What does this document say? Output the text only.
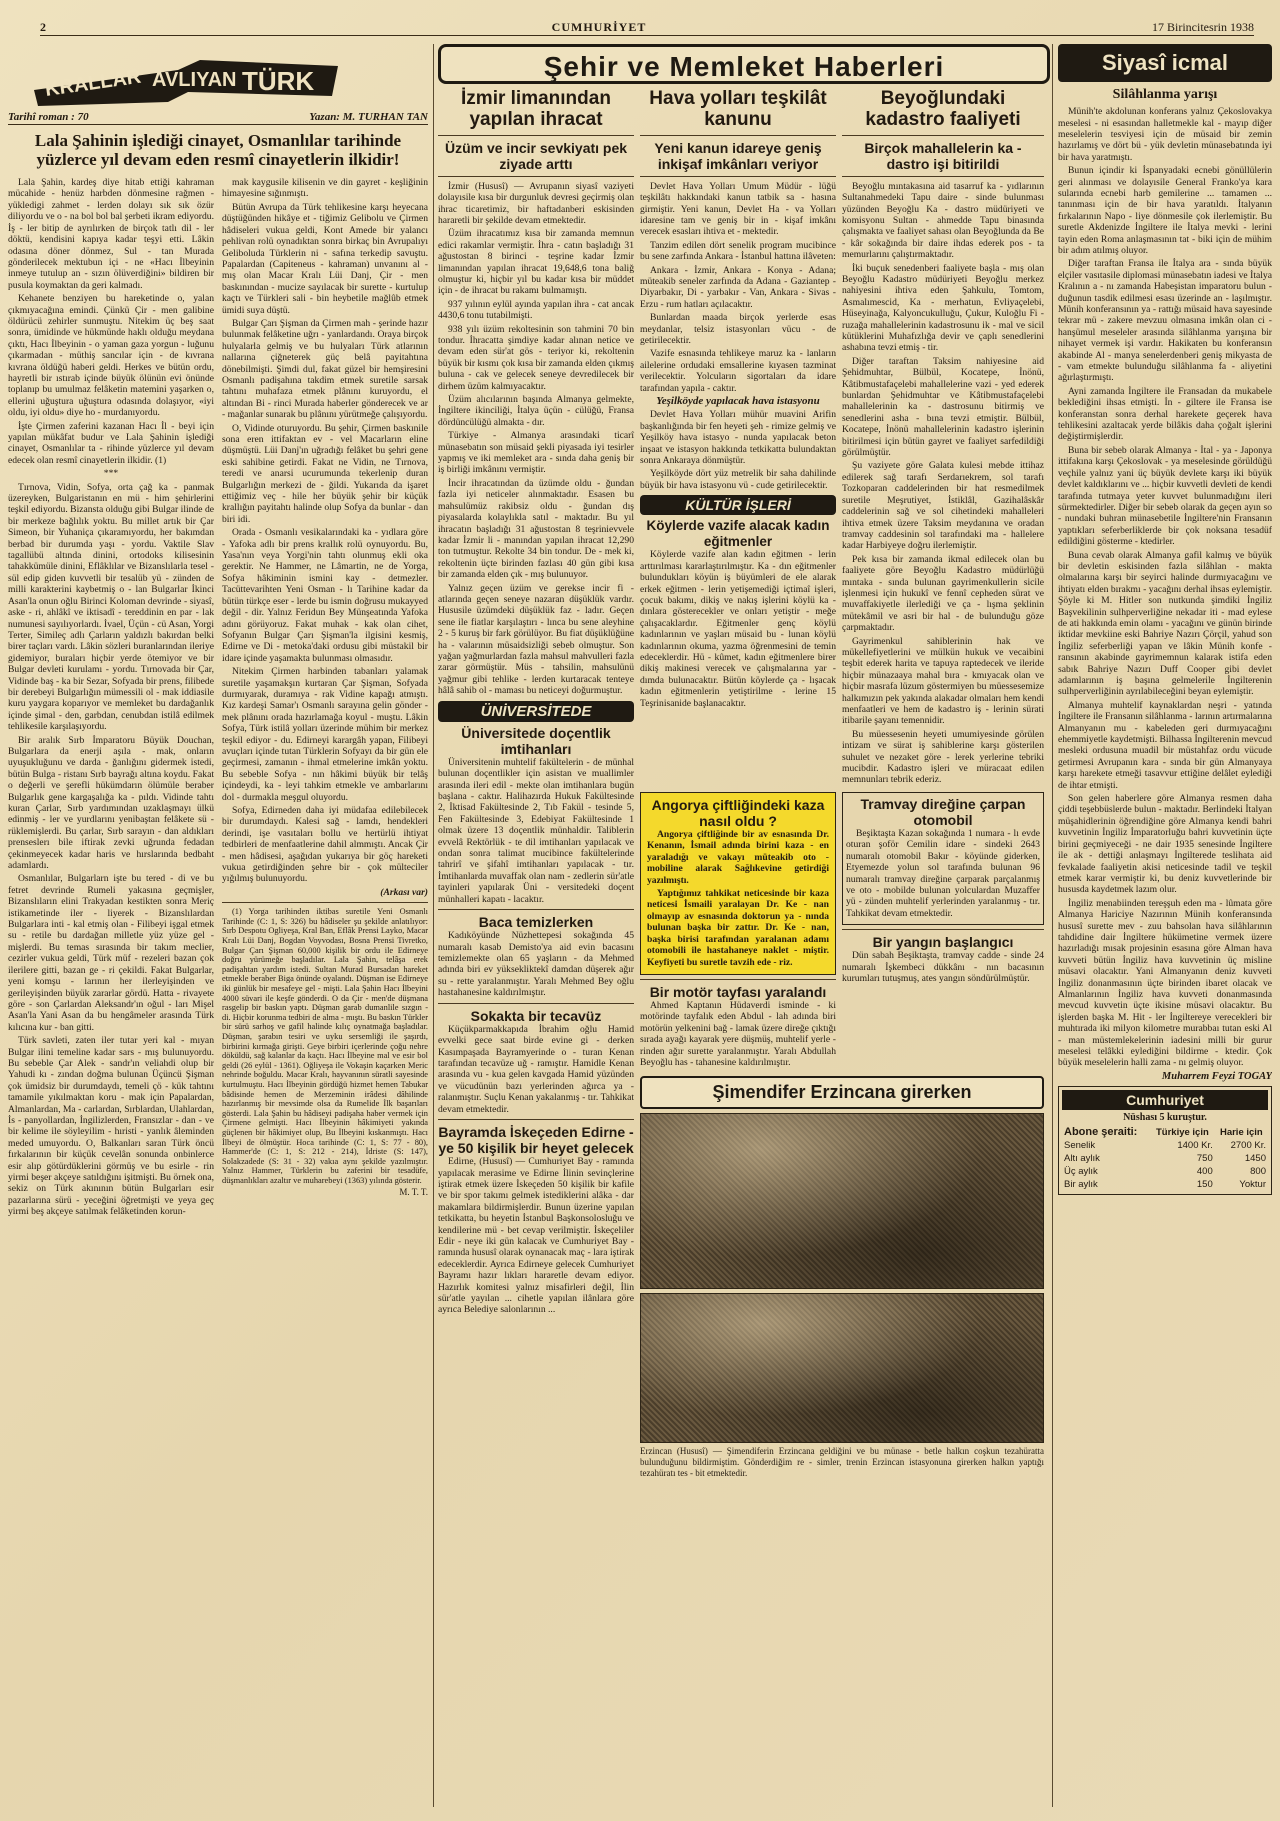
2	CUMHURİYET	17 Birincitesrin 1938
KRALLAR AVLIYAN TÜRK
Tarihî roman : 70	Yazan: M. TURHAN TAN
Lala Şahinin işlediği cinayet, Osmanlılar tarihinde yüzlerce yıl devam eden resmî cinayetlerin ilkidir!

Lala Şahin, kardeş diye hitab ettiği kahraman mücahide - henüz harbden dönmesine rağmen - yükledigi zahmet - lerden dolayı sık sık özür diliyordu ve o - na bol bol bal şerbeti ikram ediyordu. İş - ler bitip de ayrılırken de birçok tatlı dil - ler döktü, kendisini kapıya kadar teşyi etti. Lâkin odasına döner dönmez, Sul - tan Murada gönderilecek mektubun içi - ne «Hacı İlbeyinin inmeye tutulup an - sızın ölüverdiğini» bildiren bir pusula koymaktan da geri kalmadı.

Kehanete benziyen bu hareketinde o, yalan çıkmıyacağına emindi. Çünkü Çir - men galibine öldürücü zehirler sunmuştu. Nitekim üç beş saat sonra, ümidinde ve hükmünde haklı olduğu meydana çıktı, Hacı İlbeyinin - o yaman gaza yorgun - luğunu çıkarmadan - müthiş sancılar için - de kıvrana kıvrana öldüğü haberi geldi. Herkes ve bütün ordu, hayretli bir ıstırab içinde büyük ölünün evi önünde toplanıp bu umulmaz felâketin matemini yaşarken o, ellerini uğuştura uğuştura odasında dolaşıyor, «iyi oldu, iyi oldu» diye ho - murdanıyordu.

İşte Çirmen zaferini kazanan Hacı İl - beyi için yapılan mükâfat budur ve Lala Şahinin işlediği cinayet, Osmanlılar ta - rihinde yüzlerce yıl devam edecek olan resmî cinayetlerin ilkidir. (1)

***

Tırnova, Vidin, Sofya, orta çağ ka - panmak üzereyken, Bulgaristanın en mü - him şehirlerini teşkil ediyordu. Bizansta olduğu gibi Bulgar ilinde de bir merkeze bağlılık yoktu. Bu millet artık bir Çar Simeon, bir Yuhaniça çıkaramıyordu, her bakımdan berbad bir durumda yaşı - yordu. Vaktile Slav tagallübü altında dinini, ortodoks kilisesinin tahakkümüle dinini, Eflâklılar ve Bizanslılarla tesel - sül edip giden kuvvetli bir tesalüb yü - zünden de milli karakterini kaybetmiş o - lan Bulgarlar İkinci Asan'la onun oğlu Birinci Koloman devrinde - siyasî, aske - ri, ahlâkî ve iktisadî - tereddinin en par - lak numunesi sayılıyorlardı. İvael, Üçün - cü Asan, Yorgi Terter, Simileç adlı Çarların yaldızlı bakırdan belki birer taçları vardı. Lâkin sözleri buranlarından ileriye gidemiyor, buraları hiçbir yerde ötemiyor ve bir Bulgar devleti kurulamı - yordu. Tırnovada bir Çar, Vidinde baş - ka bir Sezar, Sofyada bir prens, filibede bir derebeyi Bulgarlığın mümessili ol - mak iddiasile kuru yaygara koparıyor ve memleket bu dardağanlık içinde şimal - den, garbdan, cenubdan istilâ edilmek tehlikesile karşılaşıyordu.

Bir aralık Sırb İmparatoru Büyük Douchan, Bulgarlara da enerji aşıla - mak, onların uyuşukluğunu ve darda - ğanlığını gidermek istedi, bütün Bulga - ristanı Sırb bayrağı altına koydu. Fakat o değerli ve şerefli hükümdarın ölümüle beraber Bulgarlık gene kargaşalığa ka - pıldı. Vidinde tahtı kuran Çarlar, Sırb yardımından uzaklaşmayı ülkü edinmiş - ler ve yurdlarını yenibaştan felâkete sü - rüklemişlerdi. Bu çarlar, Sırb sarayın - dan aldıkları prenseslerı bile iftirak zevki uğrunda fedadan çekinmeyecek kadar haris ve hırslarında bedbaht adamlardı.

Osmanlılar, Bulgarlarn işte bu tered - di ve bu fetret devrinde Rumeli yakasına geçmişler, Bizanslıların elini Trakyadan kestikten sonra Meriç istikametinde iler - liyerek - Bizanslılardan Bulgarlara inti - kal etmiş olan - Filibeyi işgal etmek su - retile bu dardağan milletle yüz yüze gel - mişlerdi. Bu temas sırasında bir takım meclier, cezirler vukua geldi, Türk müf - rezeleri bazan çok ilerilere gitti, bazan ge - ri çekildi. Fakat Bulgarlar, yeni komşu - larının her ilerleyişinden ve gerileyişinden büyük zararlar gördü. Hatta - rivayete göre - son Çarlardan Aleksandr'ın oğul - ları Mişel Asan'la Yani Asan da bu hengâmeler arasında Türk kılıcına kur - ban gitti.

Türk savleti, zaten iler tutar yeri kal - mıyan Bulgar ilini temeline kadar sars - mış bulunuyordu. Bu sebeble Çar Alek - sandr'ın veliahdi olup bir Yahudi kı - zından doğma bulunan Üçüncü Şişman çok ümidsiz bir durumdaydı, temeli çö - kük tahtını tamamile yıkılmaktan koru - mak için Papalardan, Almanlardan, Ma - carlardan, Sırblardan, Ulahlardan, İs - panyollardan, İngilizlerden, Fransızlar - dan - ve bir kelime ile söyleyilim - hıristi - yanlık âleminden meded umuyordu. O, Balkanları saran Türk öncü fırkalarının bir küçük cevelân sonunda onbinlerce esir alıp götürdüklerini görmüş ve bu esirle - rin yirmi beşer akçeye satıldığını işitmişti. Bu örnek ona, sekiz on Türk akınının bütün Bulgarları esir pazarlarına sürü - yeceğini öğretmişti ve yeya geç yirmi beş akçeye satılmak felâketinden korun-

mak kaygusile kilisenin ve din gayret - keşliğinin himayesine sığınmıştı.

Bütün Avrupa da Türk tehlikesine karşı heyecana düştüğünden hikâye et - tiğimiz Gelibolu ve Çirmen hâdiseleri vukua geldi, Kont Amede bir yalancı pehlivan rolü oynadıktan sonra birkaç bin Avrupalıyı Geliboluda Türklerin ni - safına terkedip savuştu. Papalardan (Capiteneus - kahraman) unvanını al - mış olan Macar Kralı Lüi Danj, Çir - men baskınından - mucize sayılacak bir surette - kurtulup kaçtı ve Türkleri sali - bin heybetile mağlûb etmek ümidi suya düştü.

Bulgar Çarı Şişman da Çirmen mah - şerinde hazır bulunmak felâketine uğrı - yanlardandı. Oraya birçok hulyalarla gelmiş ve bu hulyaları Türk atlarının nallarına çiğneterek güç belâ payitahtına dönebilmişti. Şimdi dul, fakat güzel bir hemşiresini Osmanlı padişahına takdim etmek suretile sarsak tahtını muhafaza etmek plânını kuruyordu, el altından Bi - rinci Murada haberler gönderecek ve ar - mağanlar sunarak bu plânını yürütmeğe çalışıyordu.

O, Vidinde oturuyordu. Bu şehir, Çirmen baskınile sona eren ittifaktan ev - vel Macarların eline düşmüştü. Lüi Danj'ın uğradığı felâket bu şehri gene eski sahibine getirdi. Fakat ne Vidin, ne Tırnova, teredi ve anarsi ucurumunda tekerlenip duran Bulgarlığın merkezi de - ğildi. Yukarıda da işaret ettiğimiz veç - hile her büyük şehir bir küçük krallığın payitahtı halinde olup Sofya da bunlar - dan biri idi.

Orada - Osmanlı vesikalarındaki ka - yıdlara göre - Yafoka adlı bir prens krallık rolü oynuyordu. Bu, Yasa'nın veya Yorgi'nin tahtı olunmuş ekli oka gerektir. Ne Hammer, ne Lâmartin, ne de Yorga, Sofya hâkiminin ismini kay - detmezler. Tacüttevarihten Yeni Osman - lı Tarihine kadar da bütün türkçe eser - lerde bu ismin doğrusu mukayyed değil - dir. Yalnız Feridun Bey Münşeatında Yafoka adını görüyoruz. Fakat muhak - kak olan cihet, Sofyanın Bulgar Çarı Şişman'la ilgisini kesmiş, Edirne ve Di - metoka'daki ordusu gibi müstakil bir idare içinde yaşamakta bulunması olmasıdır.

Nitekim Çirmen harbinden tabanları yalamak suretile yaşamakşın kurtaran Çar Şişman, Sofyada durmıyarak, duramıya - rak Vidine kapağı atmıştı. Kız kardeşi Samar'ı Osmanlı sarayına gelin gönder - mek plânını orada hazırlamağa koyul - muştu. Lâkin Sofya, Türk istilâ yolları üzerinde mühim bir merkez teşkil ediyor - du. Edirneyi karargâh yapan, Filibeyi avuçları içinde tutan Türklerin Sofyayı da bir gün ele geçirmesi, zamanın - ihmal etmelerine imkân yoktu. Bu sebeble Sofya - nın hâkimi büyük bir telâş içindeydi, ka - leyi tahkim etmekle ve ambarlarını dol - durmakla meşgul oluyordu.

Sofya, Edirneden daha iyi müdafaa edilebilecek bir durumdaydı. Kalesi sağ - lamdı, hendekleri derindi, işe vasıtaları bollu ve hertürlü ihtiyat tedbirleri de menfaatlerine dahil almmıştı. Ancak Çir - men hâdisesi, aşağıdan yukarıya bir göç hareketi vukua getirdiğinden şehre bir - çok mülteciler yığılmış bulunuyordu.

(Arkası var)

(1) Yorga tarihinden iktibas suretile Yeni Osmanlı Tarihinde (C: 1, S: 326) bu hâdiseler şu şekilde anlatılıyor: Sırb Despotu Ogliyeşa, Kral Ban, Eflâk Prensi Layko, Macar Kralı Lüi Danj, Bogdan Voyvodası, Bosna Prensi Tivretko, Bulgar Çarı Şişman 60,000 kişilik bir ordu ile Edirneye doğru yürümeğe başladılar. Lala Şahin, telâşa erek padişahtan yardım istedi. Sultan Murad Bursadan hareket etmekle beraber Biga önünde oyalandı. Düşman ise Edirneye iki günlük bir mesafeye gel - mişti. Lala Şahin Hacı İlbeyini 4000 süvari ile keşfe gönderdi. O da Çir - men'de düşmana rasgelip bir baskın yaptı. Düşman garab dumanlile sızgın - di. Hiçbir korunma tedbiri de alma - mıştı. Bu baskın Türkler bir sürü sarhoş ve gafil halinde kılıç oynatmağa başladılar. Düşman, şarabın tesiri ve uyku sersemliği ile şaşırdı, birbirini kırmağa girişti. Geye birbiri içerlerinde çoğu nehre döküldü, sağ kalanlar da kaçtı. Hacı İlbeyine mal ve esir bol geldi (26 eylül - 1361). Oğliyeşa ile Vokaşin kaçarken Meric nehrinde boğuldu. Macar Kralı, hayvanının süratli sayesinde kurtulmuştu. Hacı İlbeyinin gördüğü hizmet hemen Tabukar bâdisinde hemen de Merzeminin irâdesi dâhilinde hazırlanmış bir mevsimde olsa da Rumelide İlk başarıları gösterdi. Lala Şahin bu hâdiseyi padişaha haber vermek için Çirmene gelmişti. Hacı İlbeyinin hâkimiyeti yakında güçlenen bir hâkimiyet olup, Bu İlbeyini kıskanmıştı. Hacı İlbeyi de ölmüştür. Hoca tarihinde (C: 1, S: 77 - 80), Hammer'de (C: 1, S: 212 - 214), İdriste (S: 147), Solakzadede (S: 31 - 32) vakıa aynı şekilde yazılmıştır. Yalnız Hammer, Türklerin bu zaferini bir tesadüfe, düşmanlıkları azaltır ve muharebeyi (1363) yılında gösterir.

M. T. T.

Şehir ve Memleket Haberleri
İzmir limanından yapılan ihracat
Üzüm ve incir sevkiyatı pek ziyade arttı

İzmir (Hususî) — Avrupanın siyasî vaziyeti dolayısile kısa bir durgunluk devresi geçirmiş olan ihrac ticaretimiz, bir haftadanberi eskisinden hararetli bir şekilde devam etmektedir.

Üzüm ihracatımız kısa bir zamanda memnun edici rakamlar vermiştir. İhra - catın başladığı 31 ağustostan 8 birinci - teşrine kadar İzmir limanından yapılan ihracat 19,648,6 tona baliğ olmuştur ki, hiçbir yıl bu kadar kısa bir müddet için - de ihracat bu rakamı bulmamıştı.

937 yılının eylül ayında yapılan ihra - cat ancak 4430,6 tonu tutabilmişti.

938 yılı üzüm rekoltesinin son tahmini 70 bin tondur. İhracatta şimdiye kadar alınan netice ve devam eden sür'at gös - teriyor ki, rekoltenin büyük bir kısmı çok kısa bir zamanda elden çıkmış buluna - cak ve gelecek seneye devredilecek bir dirhem üzüm kalmıyacaktır.

Üzüm alıcılarının başında Almanya gelmekte, İngiltere ikinciliği, İtalya üçün - cülüğü, Fransa dördüncülüğü almakta - dır.

Türkiye - Almanya arasındaki ticarî münasebatın son müsaid şekli piyasada iyi tesirler yapmış ve iki memleket ara - sında daha geniş bir iş birliği imkânını vermiştir.

İncir ihracatından da üzümde oldu - ğundan fazla iyi neticeler alınmaktadır. Esasen bu mahsulümüz rakibsiz oldu - ğundan dış piyasalarda kolaylıkla satıl - maktadır. Bu yıl ihracatın başladığı 31 ağustostan 8 teşrinievvele kadar İzmir li - manından yapılan ihracat 12,290 ton tutmuştur. Rekolte 34 bin tondur. De - mek ki, rekoltenin üçte birinden fazlası 40 gün gibi kısa bir zamanda elden çık - mış bulunuyor.

Yalnız geçen üzüm ve gerekse incir fi - atlarında geçen seneye nazaran düşüklük vardır. Hususile üzümdeki düşüklük faz - ladır. Geçen sene ile fiatlar karşılaştırı - lınca bu sene aleyhine 2 - 5 kuruş bir fark görülüyor. Bu fiat düşüklüğüne ha - valarının müsaidsizliği sebeb olmuştur. Son yağan yağmurlardan fazla mahsul mahvulleri fazla zarar görmüştür. Müs - tahsilin, mahsulünü yağmur gibi tehlike - lerden kurtaracak tenteye hâlâ sahib ol - maması bu neticeyi doğurmuştur.

ÜNİVERSİTEDE
Üniversitede doçentlik imtihanları

Üniversitenin muhtelif fakültelerin - de münhal bulunan doçentlikler için asistan ve muallimler arasında ileri edil - mekte olan imtihanlara bugün başlana - caktır. Halihazırda Hukuk Fakültesinde 2, İktisad Fakültesinde 2, Tıb Fakül - tesinde 5, Fen Fakültesinde 3, Edebiyat Fakültesinde 1 olmak üzere 13 doçentlik münhaldir. Taliblerin evvelâ Rektörlük - te dil imtihanları yapılacak ve ondan sonra talimat mucibince fakültelerinde tahrirî ve şifahî imtihanları yapılacak - tır. İmtihanlarda muvaffak olan nam - zedlerin sür'atle tayinleri yapılarak Üni - versitedeki doçent münhalleri kapatı - lacaktır.

Baca temizlerken

Kadıköyünde Nüzhettepesi sokağında 45 numaralı kasab Demisto'ya aid evin bacasını temizlemekte olan 65 yaşların - da Mehmed adında biri ev yüksekliktekî damdan düşerek ağır su - rette yaralanmıştır. Yaralı Mehmed Bey oğlu hastahanesine kaldırılmıştır.

Sokakta bir tecavüz

Küçükparmakkapıda İbrahim oğlu Hamid evvelki gece saat birde evine gi - derken Kasımpaşada Bayramyerinde o - turan Kenan tarafından tecavüze uğ - ramıştır. Hamidle Kenan arasında vu - kua gelen kavgada Hamid yüzünden ve vücudünün bazı yerlerinden ağırca ya - ralanmıştır. Suçlu Kenan yakalanmış - tır. Tahkikat devam etmektedir.

Bayramda İskeçeden Edirne - ye 50 kişilik bir heyet gelecek

Edirne, (Hususî) — Cumhuriyet Bay - ramında yapılacak merasime ve Edirne İlinin sevinçlerine iştirak etmek üzere İskeçeden 50 kişilik bir kafile ve bir spor takımı gelmek istediklerini alâka - dar makamlara bildirmişlerdir. Bunun üzerine yapılan tetkikatta, bu heyetin İstanbul Başkonsolosluğu ve kendilerine mü - bet cevap verilmiştir. İskeçeliler Edir - neye iki gün kalacak ve Cumhuriyet Bay - ramında hususî olarak oynanacak maç - lara iştirak edeceklerdir. Ayrıca Edirneye gelecek Cumhuriyet Bayramı hazır lıkları hararetle devam ediyor. Hazırlık komitesi yalnız misafirleri değil, İlin sür'atle yayılan ... cihetle yapılan ilânlara göre ayrıca Belediye salonlarının ...

Hava yolları teşkilât kanunu
Yeni kanun idareye geniş inkişaf imkânları veriyor

Devlet Hava Yolları Umum Müdür - lüğü teşkilâtı hakkındaki kanun tatbik sa - hasına girmiştir. Yeni kanun, Devlet Ha - va Yolları idaresine tam ve geniş bir in - kişaf imkânı verecek esasları ihtiva et - mektedir.

Tanzim edilen dört senelik program mucibince bu sene zarfında Ankara - İstanbul hattına ilâveten:

Ankara - İzmir, Ankara - Konya - Adana; müteakib seneler zarfında da Adana - Gaziantep - Diyarbakır, Di - yarbakır - Van, Ankara - Sivas - Erzu - rum hatları açılacaktır.

Bunlardan maada birçok yerlerde esas meydanlar, telsiz istasyonları vücu - de getirilecektir.

Vazife esnasında tehlikeye maruz ka - lanların ailelerine ordudaki emsallerine kıyasen tazminat verilecektir. Yolcuların sigortaları da idare tarafından yapıla - caktır.

Yeşilköyde yapılacak hava istasyonu

Devlet Hava Yolları mühür muavini Arifin başkanlığında bir fen heyeti şeh - rimize gelmiş ve Yeşilköy hava istasyo - nunda yapılacak beton inşaat ve istasyon hakkında tetkikatta bulundaktan sonra Ankaraya dönmüştür.

Yeşilköyde dört yüz metrelik bir saha dahilinde büyük bir hava istasyonu vü - cude getirilecektir.

KÜLTÜR İŞLERİ
Köylerde vazife alacak kadın eğitmenler

Köylerde vazife alan kadın eğitmen - lerin arttırılması kararlaştırılmıştır. Ka - dın eğitmenler bulundukları köyün iş büyümleri de ele alarak erkek eğitmen - lerin yetişemediği içtimaî işleri, çocuk bakımı, dikiş ve nakış işlerini köylü ka - dınlara gösterecekler ve onları yetiştir - meğe çalışacaklardır. Eğitmenler genç köylü kadınlarının ve yaşları müsaid bu - lunan köylü kadınlarının okuma, yazma öğrenmesini de temin edeceklerdir. Hü - kûmet, kadın eğitmenlere birer dikiş makinesi verecek ve çalışmalarına yar - dımda bulunacaktır. Bütün köylerde ça - lışacak kadın eğitmenlerin yetiştirilme - lerine 15 Teşrinisanide başlanacaktır.

Beyoğlundaki kadastro faaliyeti
Birçok mahallelerin ka - dastro işi bitirildi

Beyoğlu mıntakasına aid tasarruf ka - yıdlarının Sultanahmedeki Tapu daire - sinde bulunması yüzünden Beyoğlu Ka - dastro müdüriyeti ve komisyonu Sultan - ahmedde Tapu binasında çalışmakta ve faaliyet sahası olan Beyoğlunda da Be - kâr sokağında bir daire ihdas ederek pos - ta memurlarını çalıştırmaktadır.

İki buçuk senedenberi faaliyete başla - mış olan Beyoğlu Kadastro müdüriyeti Beyoğlu merkez nahiyesini ihtiva eden Şahkulu, Tomtom, Asmalımescid, Ka - merhatun, Evliyaçelebi, Hüseyinağa, Kalyoncukulluğu, Çukur, Kuloğlu Fi - ruzağa mahallelerinin kadastrosunu ik - mal ve sicil kütüklerini Muhafızlığa devir ve çaplı senedlerini ashabına tevzi etmiş - tir.

Diğer taraftan Taksim nahiyesine aid Şehidmuhtar, Bülbül, Kocatepe, İnönü, Kâtibmustafaçelebi mahallelerine vazi - yed ederek bunlardan Şehidmuhtar ve Kâtibmustafaçelebi mahallelerinin ka - dastrosunu bitirmiş ve senedlerini asha - bına tevzi etmiştir. Bülbül, Kocatepe, İnönü mahallelerinin kadastro işlerinin bitirilmesi için bütün gayret ve faaliyet sarfedildiği görülmüştür.

Şu vaziyete göre Galata kulesi mebde ittihaz edilerek sağ tarafı Serdarıekrem, sol tarafı Tozkoparan caddelerinden bir hat resmedilmek suretile Meşrutiyet, İstiklâl, Gazihalâskâr caddelerinin sağ ve sol cihetindeki mahalleleri ihtiva etmek üzere Taksim meydanına ve oradan tramvay caddesinin sol tarafındaki ma - hallelere kadar Harbiyeye doğru ilerlemiştir.

Pek kısa bir zamanda ikmal edilecek olan bu faaliyete göre Beyoğlu Kadastro müdürlüğü mıntaka - sında bulunan gayrimenkullerin sicile işlenmesi için hukukî ve fennî cepheden sürat ve muvaffakiyetle ilerlediği ve ça - lışma şeklinin mütekâmil ve asri bir hal - de bulunduğu göze çarpmaktadır.

Gayrimenkul sahiblerinin hak ve mükellefiyetlerini ve mülkün hukuk ve vecaibini teşbit ederek harita ve tapuya raptedecek ve ileride hiçbir münazaaya mahal bıra - kmıyacak olan ve hiçbir masrafa lüzum göstermiyen bu müessesemize halkımızın pek yakında alakadar olmaları hem kendi menfaatleri ve hem de kadastro iş - lerinin sürati itibarile şayanı temennidir.

Bu müessesenin heyeti umumiyesinde görülen intizam ve sürat iş sahiblerine karşı gösterilen suhulet ve nezaket göre - lerek yerlerine tebriki mucibdir. Kadastro işleri ve müracaat edilen memnunları tebrik ederiz.

Angorya çiftliğindeki kaza nasıl oldu ?

Angorya çiftliğinde bir av esnasında Dr. Kenanın, İsmail adında birini kaza - en yaraladığı ve vakayı müteakib oto - mobiline alarak Sağlıkevine getirdiği yazılmıştı.

Yaptığımız tahkikat neticesinde bir kaza neticesi İsmaili yaralayan Dr. Ke - nan olmayıp av esnasında doktorun ya - nında bulunan başka bir zattır. Dr. Ke - nan, başka birisi tarafından yaralanan adamı otomobili ile hastahaneye naklet - miştir. Keyfiyeti bu suretle tavzih ede - riz.

Bir motör tayfası yaralandı

Ahmed Kaptanın Hüdaverdi isminde - ki motörinde tayfalık eden Abdul - lah adında biri motörün yelkenini bağ - lamak üzere direğe çıktığı sırada ayağı kayarak yere düşmüş, muhtelif yerle - rinden ağır surette yaralanmıştır. Yaralı Abdullah Beyoğlu has - tahanesine kaldırılmıştır.

Tramvay direğine çarpan otomobil

Beşiktaşta Kazan sokağında 1 numara - lı evde oturan şoför Cemilin idare - sindeki 2643 numaralı otomobil Bakır - köyünde giderken, Etyemezde yolun sol tarafında bulunan 96 numaralı tramvay direğine çarparak parçalanmış ve oto - mobilde bulunan yolculardan Muzaffer yü - zünden muhtelif yerlerinden yaralanmış - tır. Tahkikat devam etmektedir.

Bir yangın başlangıcı

Dün sabah Beşiktaşta, tramvay cadde - sinde 24 numaralı İşkembeci dükkânı - nın bacasının kurumları tutuşmuş, ates yangın söndürülmüştür.

Şimendifer Erzincana girerken
Erzincan (Hususî) — Şimendiferin Erzincana geldiğini ve bu münase - betle halkın coşkun tezahüratta bulunduğunu bildirmiştim. Gönderdiğim re - simler, trenin Erzincan istasyonuna girerken halkın yaptığı tezahüratı tes - bit etmektedir.
Siyasî icmal
Silâhlanma yarışı

Münih'te akdolunan konferans yalnız Çekoslovakya meselesi - ni esasından halletmekle kal - mayıp diğer meselelerin tesviyesi için de müsaid bir zemin hazırlamış ve dört bü - yük devletin münasebatında iyi bir hava yaratmıştı.

Bunun içindir ki İspanyadaki ecnebi gönüllülerin geri alınması ve dolayısile General Franko'ya kara sularında ecnebi harb gemilerine ... tamamen ... tanınması için de bir hava yaratıldı. İtalyanın fırkalarının Napo - liye dönmesile çok ilerlemiştir. Bu suretle Akdenizde İngiltere ile İtalya mevki - lerini tayin eden Roma anlaşmasının tat - biki için de mühim bir adım atılmış oluyor.

Diğer taraftan Fransa ile İtalya ara - sında büyük elçiler vasıtasile diplomasi münasebatın iadesi ve İtalya Kralının a - nı zamanda Habeşistan imparatoru bulun - duğunun tasdik edilmesi esası üzerinde an - laşılmıştır. Münih konferansının ya - rattığı müsaid hava sayesinde tekrar mü - zakere mevzuu olmasına imkân olan ci - hanşümul meseleler arasında silâhlanma yarışına bir nihayet vermek işi vardır. Hakikaten bu konferansın akabinde Al - manya senelerdenberi geniş mikyasta de - vam etmekte bulunduğu silâhlanma fa - aliyetini ağırlaştırmıştı.

Ayni zamanda İngiltere ile Fransadan da mukabele beklediğini ihsas etmişti. İn - giltere ile Fransa ise konferanstan sonra derhal harekete geçerek hava tehlikesini azaltacak yerde bilâkis daha çoğalt işlerini değiştirmişlerdir.

Buna bir sebeb olarak Almanya - İtal - ya - Japonya ittifakına karşı Çekoslovak - ya meselesinde görüldüğü veçhile yalnız yani üç büyük devlete karşı iki büyük devlet kaldıklarını ve ... hiçbir kuvvetli devleti de kendi tarafında tutmaya yeter kuvvet bulunmadığını ileri sürmektedirler. Diğer bir sebeb olarak da geçen ayın so - nundaki buhran münasebetile İngiltere'nin Fransanın yaptıkları seferberliklerde bir çok noksana tesadüf edildiğini gösterme - ktedirler.

Buna cevab olarak Almanya gafil kalmış ve büyük bir devletin eskisinden fazla silâhlan - makta olmalarına karşı bir seyirci halinde durmıyacağını ve ihtiyatı elden bırakmı - yacağını derhal ihsas eylemiştir. Şöyle ki M. Hitler son nutkunda şimdiki İngiliz Başvekilinin sulhperverliğine nekadar iti - mad eylese de ati hakkında emin olamı - yacağını ve günün birinde iktidar mevkiine eski Bahriye Nazırı Çörçil, yahud son İngiliz seferberliği yapan ve lâkin Münih konfe - ransının akabinde gayrimemnun kalarak istifa eden sabık Bahriye Nazırı Duff Cooper gibi devlet adamlarının iş başına gelmelerile İngilterenin sulhperverliğinin ayrılabileceğini beyan eylemiştir.

Almanya muhtelif kaynaklardan neşri - yatında İngiltere ile Fransanın silâhlanma - larının artırmalarına Almanyanın mu - kabeleden geri durmıyacağını ehemmiyetle kaydetmişti. Bilhassa İngilterenin mevcud mesleki ordusuna muadil bir müstahfaz ordu vücude getirmesi Avrupanın kara - sında bir gün Almanyaya karşı harekete etmeği tasavvur ettiğine delâlet eylediği de ihtar etmişti.

Son gelen haberlere göre Almanya resmen daha çiddi teşebbüslerde bulun - maktadır. Berlindeki İtalyan müşahidlerinin öğrendiğine göre Almanya kendi bahri kuvvetinin İngiliz İmparatorluğu bahri kuvvetinin üçte birini geçmiyeceği - ne dair 1935 senesinde İngiltere ile ak - dettiği anlaşmayı İngilterede teslihata aid fevkalade faaliyetin akisi neticesinde tadil ve teşkil etmek karar vermiştir ki, bu deniz kuvvetlerinde bir hususda kaydetmek lazım olur.

İngiliz menabiinden tereşşuh eden ma - lûmata göre Almanya Hariciye Nazırının Münih konferansında hususî surette mev - zuu bahsolan hava silâhlarının tahdidine dair İngiltere hükümetine vermek üzere hazırladığı mısak projesinin esasına göre Alman hava kuvveti bütün İngiliz hava kuvvetinin üç misline müsavi olacaktır. Yani Almanyanın deniz kuvveti İngiliz donanmasının üçte birinden ibaret olacak ve Almanlarının İngiliz hava kuvveti donanmasında mevcud kuvvetin üçte ikisine müsavi olacaktır. Bu işlerden başka M. Hit - ler İngiltereye verecekleri bir muhtırada iki milyon kilometre murabbaı tutan eski Al - man müstemlekelerinin iadesini milli bir gurur meselesi telâkki eylediğini bildirme - ktedir. Çok büyük meselelerin halli zama - nı gelmiş oluyor.

Muharrem Feyzi TOGAY

Cumhuriyet
Nüshası 5 kuruştur.
Abone şeraiti:	Türkiye için	Harie için
Senelik	1400 Kr.	2700 Kr.
Altı aylık	750	1450
Üç aylık	400	800
Bir aylık	150	Yoktur
